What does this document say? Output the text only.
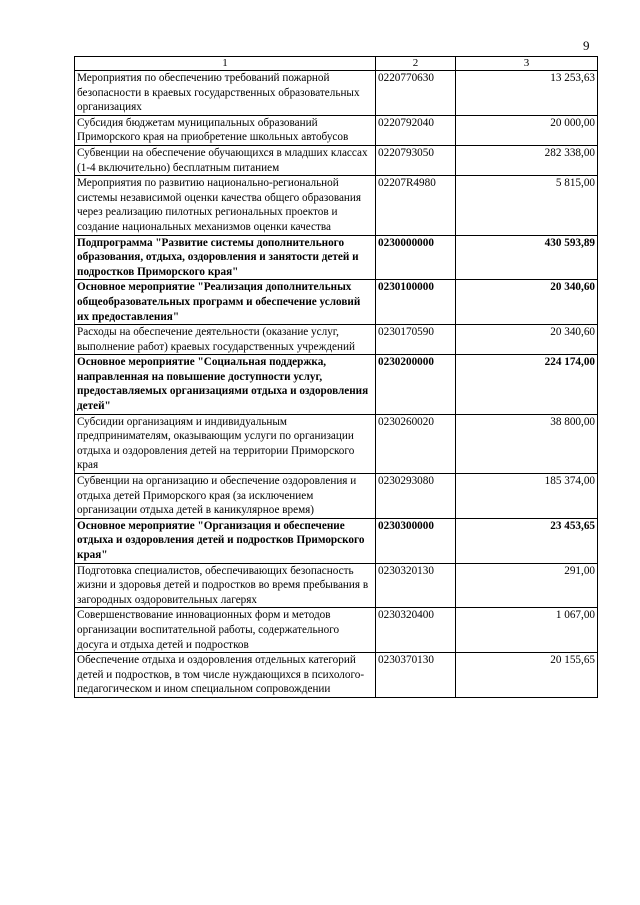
9
1	2	3
Мероприятия по обеспечению требований пожарной безопасности в краевых государственных образовательных организациях	0220770630	13 253,63
Субсидия бюджетам муниципальных образований Приморского края на приобретение школьных автобусов	0220792040	20 000,00
Субвенции на обеспечение обучающихся в младших классах (1-4 включительно) бесплатным питанием	0220793050	282 338,00
Мероприятия по развитию национально-региональной системы независимой оценки качества общего образования через реализацию пилотных региональных проектов и создание национальных механизмов оценки качества	02207R4980	5 815,00
Подпрограмма "Развитие системы дополнительного образования, отдыха, оздоровления и занятости детей и подростков Приморского края"	0230000000	430 593,89
Основное мероприятие "Реализация дополнительных общеобразовательных программ и обеспечение условий их предоставления"	0230100000	20 340,60
Расходы на обеспечение деятельности (оказание услуг, выполнение работ) краевых государственных учреждений	0230170590	20 340,60
Основное мероприятие "Социальная поддержка, направленная на повышение доступности услуг, предоставляемых организациями отдыха и оздоровления детей"	0230200000	224 174,00
Субсидии организациям и индивидуальным предпринимателям, оказывающим услуги по организации отдыха и оздоровления детей на территории Приморского края	0230260020	38 800,00
Субвенции на организацию и обеспечение оздоровления и отдыха детей Приморского края (за исключением организации отдыха детей в каникулярное время)	0230293080	185 374,00
Основное мероприятие "Организация и обеспечение отдыха и оздоровления детей и подростков Приморского края"	0230300000	23 453,65
Подготовка специалистов, обеспечивающих безопасность жизни и здоровья детей и подростков во время пребывания в загородных оздоровительных лагерях	0230320130	291,00
Совершенствование инновационных форм и методов организации воспитательной работы, содержательного досуга и отдыха детей и подростков	0230320400	1 067,00
Обеспечение отдыха и оздоровления отдельных категорий детей и подростков, в том числе нуждающихся в психолого-педагогическом и ином специальном сопровождении	0230370130	20 155,65
